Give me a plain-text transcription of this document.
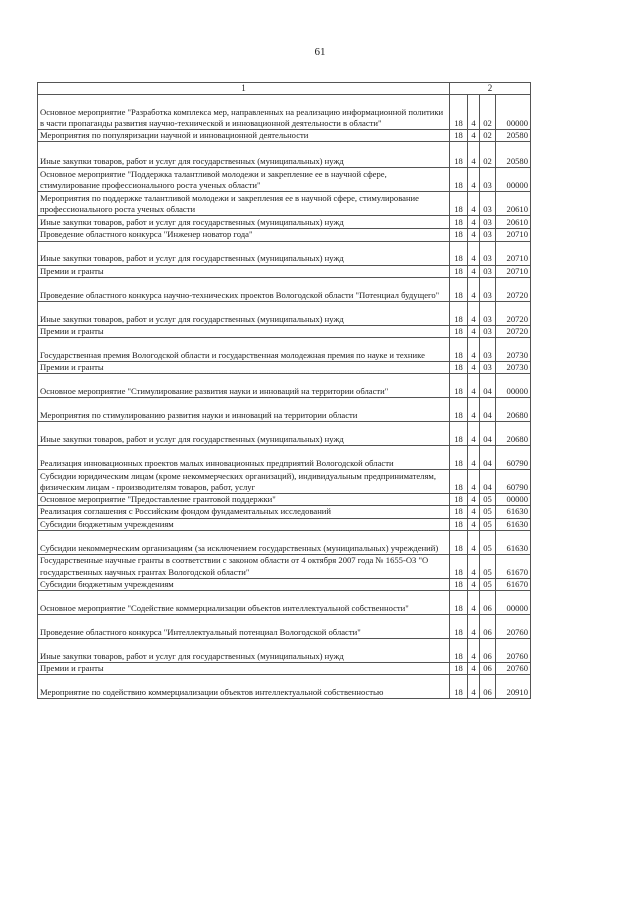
61
1	2			
Основное мероприятие "Разработка комплекса мер, направленных на реализацию информационной политики в части пропаганды развития научно-технической и инновационной деятельности в области"	18	4	02	00000
Мероприятия по популяризации научной и инновационной деятельности	18	4	02	20580
Иные закупки товаров, работ и услуг для государственных (муниципальных) нужд	18	4	02	20580
Основное мероприятие "Поддержка талантливой молодежи и закрепление ее в научной сфере, стимулирование профессионального роста ученых области"	18	4	03	00000
Мероприятия по поддержке талантливой молодежи и закрепления ее в научной сфере, стимулирование профессионального роста ученых области	18	4	03	20610
Иные закупки товаров, работ и услуг для государственных (муниципальных) нужд	18	4	03	20610
Проведение областного конкурса "Инженер новатор года"	18	4	03	20710
Иные закупки товаров, работ и услуг для государственных (муниципальных) нужд	18	4	03	20710
Премии и гранты	18	4	03	20710
Проведение областного конкурса научно-технических проектов Вологодской области "Потенциал будущего"	18	4	03	20720
Иные закупки товаров, работ и услуг для государственных (муниципальных) нужд	18	4	03	20720
Премии и гранты	18	4	03	20720
Государственная премия Вологодской области и государственная молодежная премия по науке и технике	18	4	03	20730
Премии и гранты	18	4	03	20730
Основное мероприятие "Стимулирование развития науки и инноваций на территории области"	18	4	04	00000
Мероприятия по стимулированию развития науки и инноваций на территории области	18	4	04	20680
Иные закупки товаров, работ и услуг для государственных (муниципальных) нужд	18	4	04	20680
Реализация инновационных проектов малых инновационных предприятий Вологодской области	18	4	04	60790
Субсидии юридическим лицам (кроме некоммерческих организаций), индивидуальным предпринимателям, физическим лицам - производителям товаров, работ, услуг	18	4	04	60790
Основное мероприятие "Предоставление грантовой поддержки"	18	4	05	00000
Реализация соглашения с Российским фондом фундаментальных исследований	18	4	05	61630
Субсидии бюджетным учреждениям	18	4	05	61630
Субсидии некоммерческим организациям (за исключением государственных (муниципальных) учреждений)	18	4	05	61630
Государственные научные гранты в соответствии с законом области от 4 октября 2007 года № 1655-ОЗ "О государственных научных грантах Вологодской области"	18	4	05	61670
Субсидии бюджетным учреждениям	18	4	05	61670
Основное мероприятие "Содействие коммерциализации объектов интеллектуальной собственности"	18	4	06	00000
Проведение областного конкурса "Интеллектуальный потенциал Вологодской области"	18	4	06	20760
Иные закупки товаров, работ и услуг для государственных (муниципальных) нужд	18	4	06	20760
Премии и гранты	18	4	06	20760
Мероприятие по содействию коммерциализации объектов интеллектуальной собственностью	18	4	06	20910
